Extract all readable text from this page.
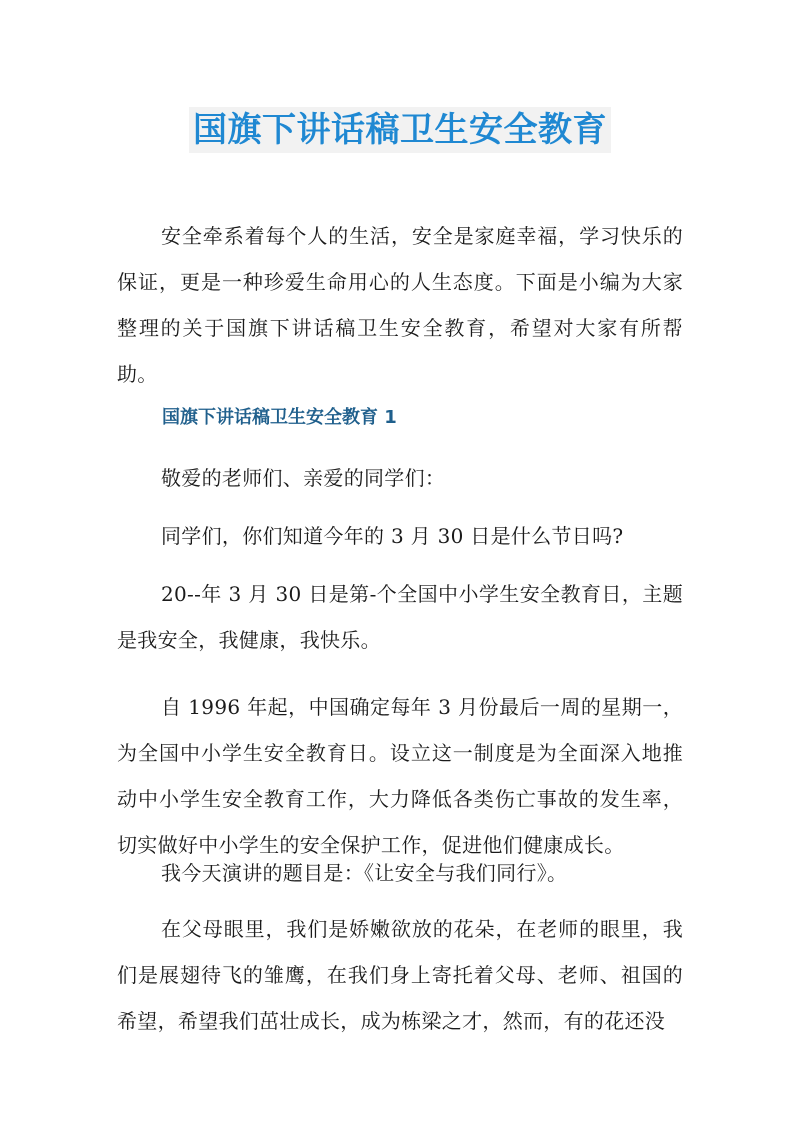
国旗下讲话稿卫生安全教育

安全牵系着每个人的生活，安全是家庭幸福，学习快乐的保证，更是一种珍爱生命用心的人生态度。下面是小编为大家整理的关于国旗下讲话稿卫生安全教育，希望对大家有所帮助。

国旗下讲话稿卫生安全教育 1

敬爱的老师们、亲爱的同学们：

同学们，你们知道今年的 3 月 30 日是什么节日吗?

20--年 3 月 30 日是第-个全国中小学生安全教育日，主题是我安全，我健康，我快乐。

自 1996 年起，中国确定每年 3 月份最后一周的星期一，为全国中小学生安全教育日。设立这一制度是为全面深入地推动中小学生安全教育工作，大力降低各类伤亡事故的发生率，切实做好中小学生的安全保护工作，促进他们健康成长。

我今天演讲的题目是：《让安全与我们同行》。

在父母眼里，我们是娇嫩欲放的花朵，在老师的眼里，我们是展翅待飞的雏鹰，在我们身上寄托着父母、老师、祖国的希望，希望我们茁壮成长，成为栋梁之才，然而，有的花还没
